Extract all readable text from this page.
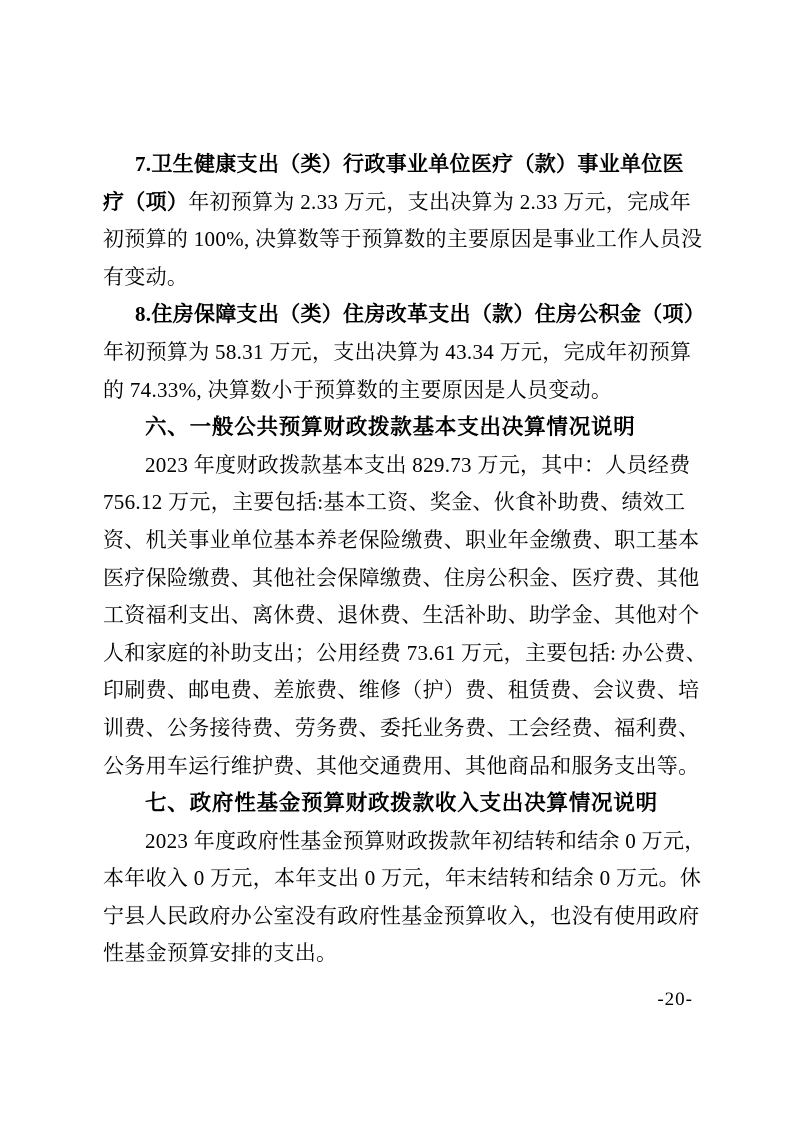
7.卫生健康支出（类）行政事业单位医疗（款）事业单位医
疗（项）年初预算为 2.33 万元，支出决算为 2.33 万元，完成年
初预算的 100%, 决算数等于预算数的主要原因是事业工作人员没
有变动。
8.住房保障支出（类）住房改革支出（款）住房公积金（项）
年初预算为 58.31 万元，支出决算为 43.34 万元，完成年初预算
的 74.33%, 决算数小于预算数的主要原因是人员变动。
六、一般公共预算财政拨款基本支出决算情况说明
2023 年度财政拨款基本支出 829.73 万元，其中：人员经费
756.12 万元，主要包括:基本工资、奖金、伙食补助费、绩效工
资、机关事业单位基本养老保险缴费、职业年金缴费、职工基本
医疗保险缴费、其他社会保障缴费、住房公积金、医疗费、其他
工资福利支出、离休费、退休费、生活补助、助学金、其他对个
人和家庭的补助支出；公用经费 73.61 万元，主要包括: 办公费、
印刷费、邮电费、差旅费、维修（护）费、租赁费、会议费、培
训费、公务接待费、劳务费、委托业务费、工会经费、福利费、
公务用车运行维护费、其他交通费用、其他商品和服务支出等。
七、政府性基金预算财政拨款收入支出决算情况说明
2023 年度政府性基金预算财政拨款年初结转和结余 0 万元，
本年收入 0 万元，本年支出 0 万元，年末结转和结余 0 万元。休
宁县人民政府办公室没有政府性基金预算收入，也没有使用政府
性基金预算安排的支出。
-20-
